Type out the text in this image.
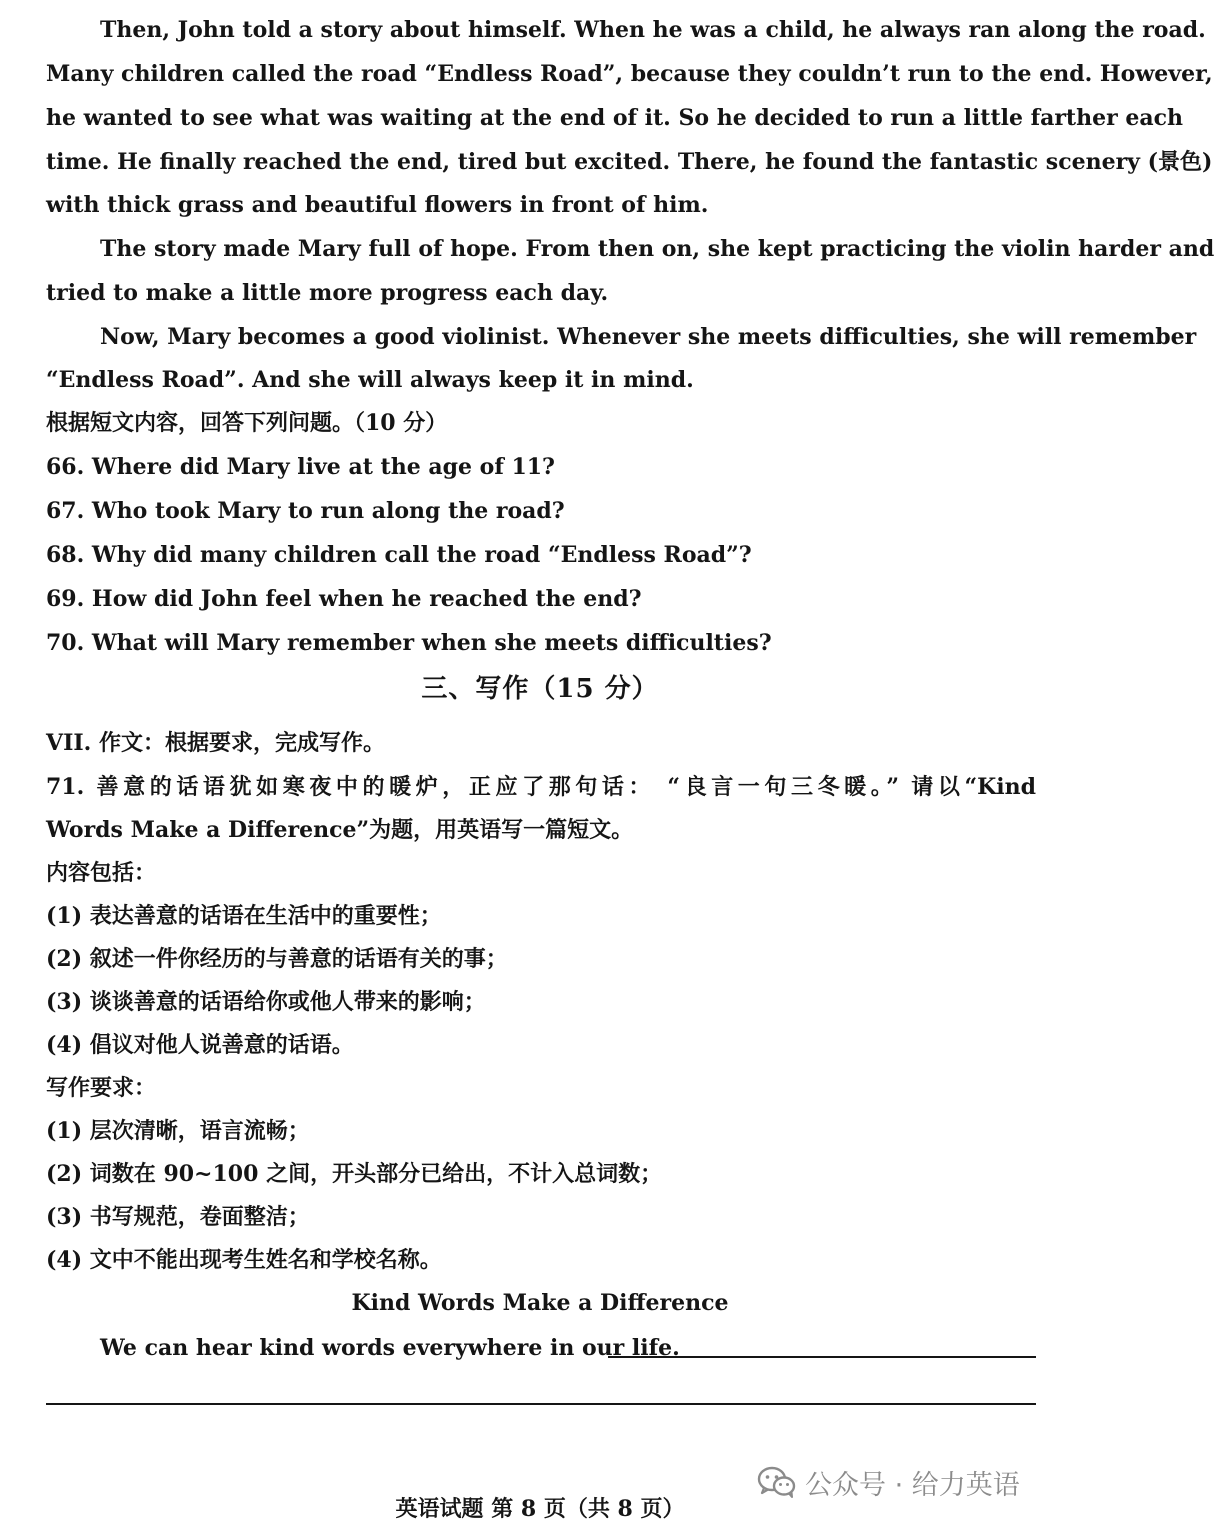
Then, John told a story about himself. When he was a child, he always ran along the road.
Many children called the road “Endless Road”, because they couldn’t run to the end. However,
he wanted to see what was waiting at the end of it. So he decided to run a little farther each
time. He finally reached the end, tired but excited. There, he found the fantastic scenery (景色)
with thick grass and beautiful flowers in front of him.
The story made Mary full of hope. From then on, she kept practicing the violin harder and
tried to make a little more progress each day.
Now, Mary becomes a good violinist. Whenever she meets difficulties, she will remember
“Endless Road”. And she will always keep it in mind.
根据短文内容，回答下列问题。（10 分）
66. Where did Mary live at the age of 11?
67. Who took Mary to run along the road?
68. Why did many children call the road “Endless Road”?
69. How did John feel when he reached the end?
70. What will Mary remember when she meets difficulties?
三、写作（15 分）
VII. 作文：根据要求，完成写作。
71. 善意的话语犹如寒夜中的暖炉，正应了那句话： “良言一句三冬暖。” 请以“Kind
Words Make a Difference”为题，用英语写一篇短文。
内容包括：
(1) 表达善意的话语在生活中的重要性；
(2) 叙述一件你经历的与善意的话语有关的事；
(3) 谈谈善意的话语给你或他人带来的影响；
(4) 倡议对他人说善意的话语。
写作要求：
(1) 层次清晰，语言流畅；
(2) 词数在 90~100 之间，开头部分已给出，不计入总词数；
(3) 书写规范，卷面整洁；
(4) 文中不能出现考生姓名和学校名称。
Kind Words Make a Difference
We can hear kind words everywhere in our life.
公众号 · 给力英语
英语试题 第 8 页（共 8 页）
